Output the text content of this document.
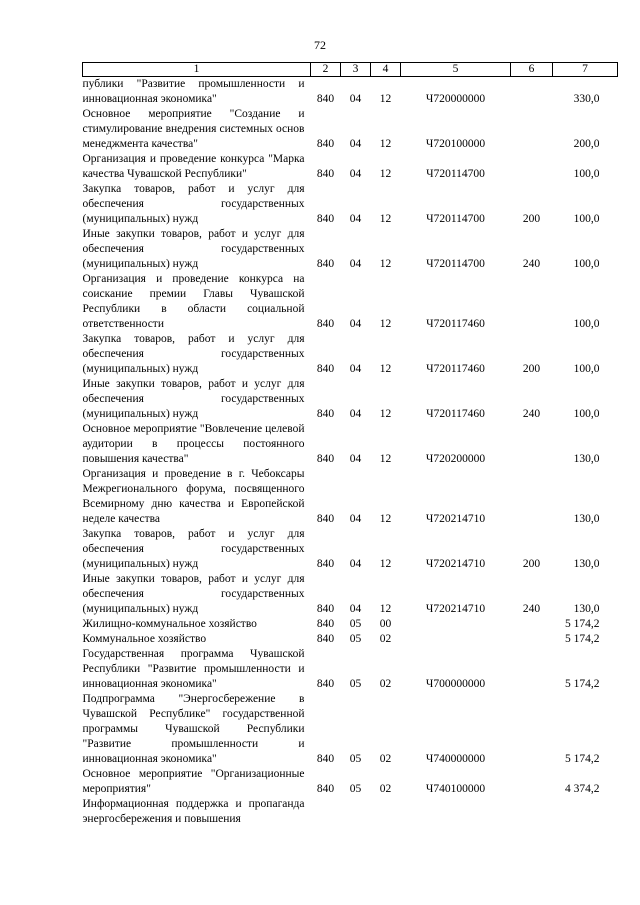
72
1	2	3	4	5	6	7
публики "Развитие промышленности и инновационная экономика"	840	04	12	Ч720000000		330,0
Основное мероприятие "Создание и стимулирование внедрения системных основ менеджмента качества"	840	04	12	Ч720100000		200,0
Организация и проведение конкурса "Марка качества Чувашской Республики"	840	04	12	Ч720114700		100,0
Закупка товаров, работ и услуг для обеспечения государственных (муниципальных) нужд	840	04	12	Ч720114700	200	100,0
Иные закупки товаров, работ и услуг для обеспечения государственных (муниципальных) нужд	840	04	12	Ч720114700	240	100,0
Организация и проведение конкурса на соискание премии Главы Чувашской Республики в области социальной ответственности	840	04	12	Ч720117460		100,0
Закупка товаров, работ и услуг для обеспечения государственных (муниципальных) нужд	840	04	12	Ч720117460	200	100,0
Иные закупки товаров, работ и услуг для обеспечения государственных (муниципальных) нужд	840	04	12	Ч720117460	240	100,0
Основное мероприятие "Вовлечение целевой аудитории в процессы постоянного повышения качества"	840	04	12	Ч720200000		130,0
Организация и проведение в г. Чебоксары Межрегионального форума, посвященного Всемирному дню качества и Европейской неделе качества	840	04	12	Ч720214710		130,0
Закупка товаров, работ и услуг для обеспечения государственных (муниципальных) нужд	840	04	12	Ч720214710	200	130,0
Иные закупки товаров, работ и услуг для обеспечения государственных (муниципальных) нужд	840	04	12	Ч720214710	240	130,0
Жилищно-коммунальное хозяйство	840	05	00			5 174,2
Коммунальное хозяйство	840	05	02			5 174,2
Государственная программа Чувашской Республики "Развитие промышленности и инновационная экономика"	840	05	02	Ч700000000		5 174,2
Подпрограмма "Энергосбережение в Чувашской Республике" государственной программы Чувашской Республики "Развитие промышленности и инновационная экономика"	840	05	02	Ч740000000		5 174,2
Основное мероприятие "Организационные мероприятия"	840	05	02	Ч740100000		4 374,2
Информационная поддержка и пропаганда энергосбережения и повышения						
